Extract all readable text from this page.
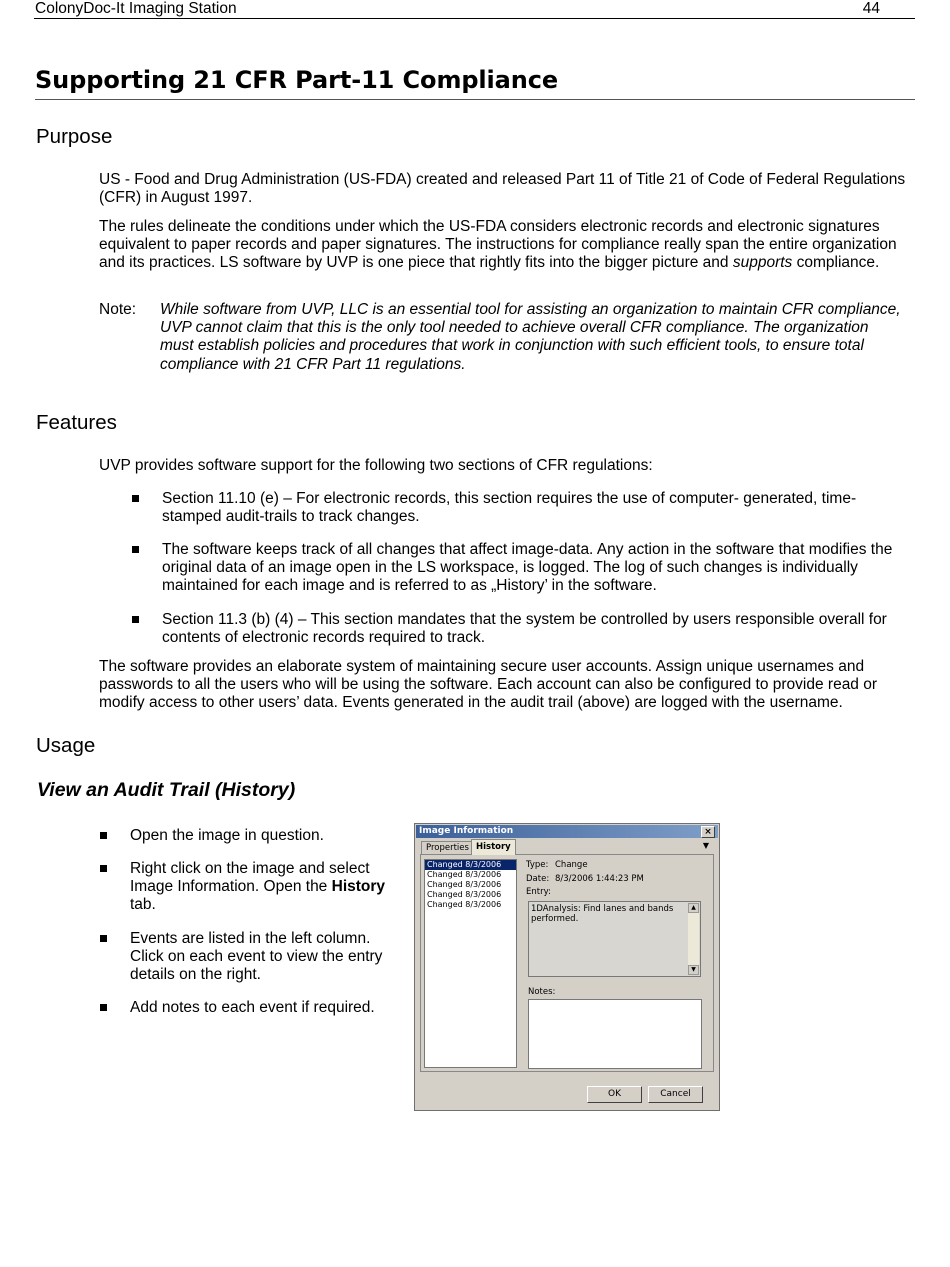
ColonyDoc-It Imaging Station	44
Supporting 21 CFR Part-11 Compliance
Purpose

US - Food and Drug Administration (US-FDA) created and released Part 11 of Title 21 of Code of Federal Regulations (CFR) in August 1997.

The rules delineate the conditions under which the US-FDA considers electronic records and electronic signatures equivalent to paper records and paper signatures. The instructions for compliance really span the entire organization and its practices. LS software by UVP is one piece that rightly fits into the bigger picture and supports compliance.

Note: While software from UVP, LLC is an essential tool for assisting an organization to maintain CFR compliance, UVP cannot claim that this is the only tool needed to achieve overall CFR compliance. The organization must establish policies and procedures that work in conjunction with such efficient tools, to ensure total compliance with 21 CFR Part 11 regulations.
Features

UVP provides software support for the following two sections of CFR regulations:

Section 11.10 (e) – For electronic records, this section requires the use of computer- generated, time-stamped audit-trails to track changes.
The software keeps track of all changes that affect image-data. Any action in the software that modifies the original data of an image open in the LS workspace, is logged. The log of such changes is individually maintained for each image and is referred to as „History’ in the software.
Section 11.3 (b) (4) – This section mandates that the system be controlled by users responsible overall for contents of electronic records required to track.

The software provides an elaborate system of maintaining secure user accounts. Assign unique usernames and passwords to all the users who will be using the software. Each account can also be configured to provide read or modify access to other users’ data. Events generated in the audit trail (above) are logged with the username.

Usage
View an Audit Trail (History)
Open the image in question.
Right click on the image and select Image Information. Open the History tab.
Events are listed in the left column. Click on each event to view the entry details on the right.
Add notes to each event if required.
Image Information	×
Properties History	▼
Changed 8/3/2006
Changed 8/3/2006
Changed 8/3/2006
Changed 8/3/2006
Changed 8/3/2006
Type: Change
Date: 8/3/2006 1:44:23 PM
Entry:
1DAnalysis: Find lanes and bands performed.
▲
▼
Notes:
OK	Cancel
